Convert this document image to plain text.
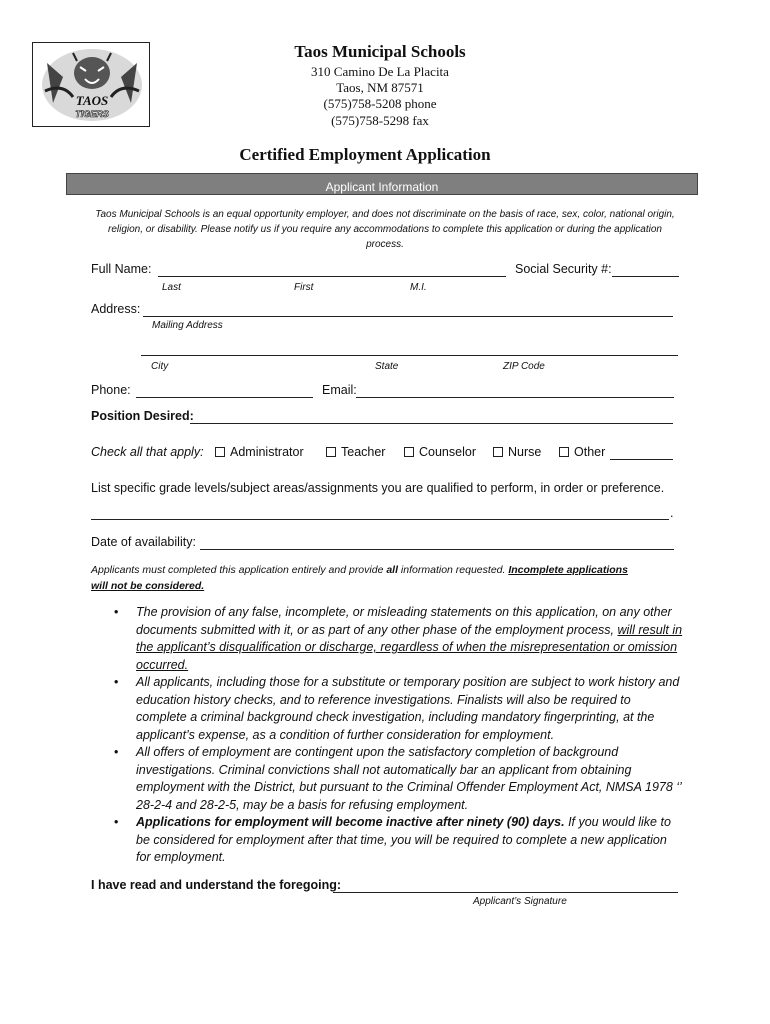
TAOS
TIGERS
Taos Municipal Schools
310 Camino De La Placita
Taos, NM 87571
(575)758-5208 phone
(575)758-5298 fax
Certified Employment Application
Applicant Information
Taos Municipal Schools is an equal opportunity employer, and does not discriminate on the basis of race, sex, color, national origin, religion, or disability. Please notify us if you require any accommodations to complete this application or during the application process.
Full Name:	Social Security #:
Last	First	M.I.
Address:
Mailing Address
City	State	ZIP Code
Phone:	Email:
Position Desired:
Check all that apply:	Administrator	Teacher	Counselor	Nurse	Other
List specific grade levels/subject areas/assignments you are qualified to perform, in order or preference.
.
Date of availability:
Applicants must completed this application entirely and provide all information requested. Incomplete applications
will not be considered.
• The provision of any false, incomplete, or misleading statements on this application, on any other documents submitted with it, or as part of any other phase of the employment process, will result in the applicant’s disqualification or discharge, regardless of when the misrepresentation or omission occurred.
• All applicants, including those for a substitute or temporary position are subject to work history and education history checks, and to reference investigations. Finalists will also be required to complete a criminal background check investigation, including mandatory fingerprinting, at the applicant’s expense, as a condition of further consideration for employment.
• All offers of employment are contingent upon the satisfactory completion of background investigations. Criminal convictions shall not automatically bar an applicant from obtaining employment with the District, but pursuant to the Criminal Offender Employment Act, NMSA 1978 ‘’ 28-2-4 and 28-2-5, may be a basis for refusing employment.
• Applications for employment will become inactive after ninety (90) days. If you would like to be considered for employment after that time, you will be required to complete a new application for employment.
I have read and understand the foregoing:
Applicant’s Signature
